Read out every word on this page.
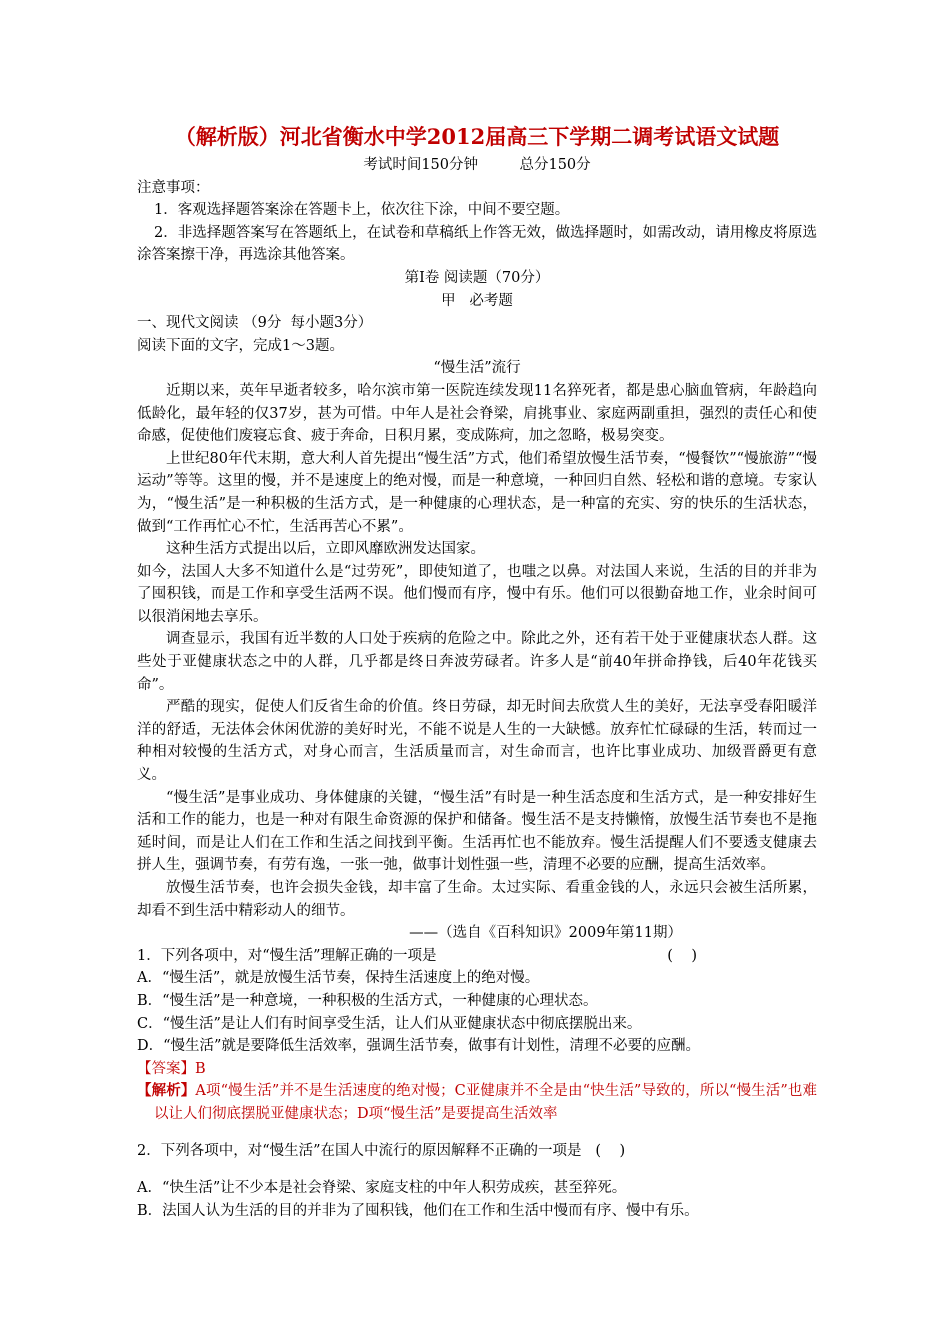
（解析版）河北省衡水中学2012届高三下学期二调考试语文试题

考试时间150分钟         总分150分

注意事项：

1．客观选择题答案涂在答题卡上，依次往下涂，中间不要空题。

2．非选择题答案写在答题纸上，在试卷和草稿纸上作答无效，做选择题时，如需改动，请用橡皮将原选涂答案擦干净，再选涂其他答案。

第Ⅰ卷 阅读题（70分）

甲   必考题

一、现代文阅读 （9分  每小题3分）

阅读下面的文字，完成1～3题。

“慢生活”流行

近期以来，英年早逝者较多，哈尔滨市第一医院连续发现11名猝死者，都是患心脑血管病，年龄趋向低龄化，最年轻的仅37岁，甚为可惜。中年人是社会脊梁，肩挑事业、家庭两副重担，强烈的责任心和使命感，促使他们废寝忘食、疲于奔命，日积月累，变成陈疴，加之忽略，极易突变。

上世纪80年代末期，意大利人首先提出“慢生活”方式，他们希望放慢生活节奏，“慢餐饮”“慢旅游”“慢运动”等等。这里的慢，并不是速度上的绝对慢，而是一种意境，一种回归自然、轻松和谐的意境。专家认为，“慢生活”是一种积极的生活方式，是一种健康的心理状态，是一种富的充实、穷的快乐的生活状态，做到“工作再忙心不忙，生活再苦心不累”。

这种生活方式提出以后，立即风靡欧洲发达国家。

如今，法国人大多不知道什么是“过劳死”，即使知道了，也嗤之以鼻。对法国人来说，生活的目的并非为了囤积钱，而是工作和享受生活两不误。他们慢而有序，慢中有乐。他们可以很勤奋地工作，业余时间可以很消闲地去享乐。

调查显示，我国有近半数的人口处于疾病的危险之中。除此之外，还有若干处于亚健康状态人群。这些处于亚健康状态之中的人群，几乎都是终日奔波劳碌者。许多人是“前40年拼命挣钱，后40年花钱买命”。

严酷的现实，促使人们反省生命的价值。终日劳碌，却无时间去欣赏人生的美好，无法享受春阳暖洋洋的舒适，无法体会休闲优游的美好时光，不能不说是人生的一大缺憾。放弃忙忙碌碌的生活，转而过一种相对较慢的生活方式，对身心而言，生活质量而言，对生命而言，也许比事业成功、加级晋爵更有意义。

“慢生活”是事业成功、身体健康的关键，“慢生活”有时是一种生活态度和生活方式，是一种安排好生活和工作的能力，也是一种对有限生命资源的保护和储备。慢生活不是支持懒惰，放慢生活节奏也不是拖延时间，而是让人们在工作和生活之间找到平衡。生活再忙也不能放弃。慢生活提醒人们不要透支健康去拼人生，强调节奏，有劳有逸，一张一弛，做事计划性强一些，清理不必要的应酬，提高生活效率。

放慢生活节奏，也许会损失金钱，却丰富了生命。太过实际、看重金钱的人，永远只会被生活所累，却看不到生活中精彩动人的细节。

——（选自《百科知识》2009年第11期）

1．下列各项中，对“慢生活”理解正确的一项是	(    )

A．“慢生活”，就是放慢生活节奏，保持生活速度上的绝对慢。

B．“慢生活”是一种意境，一种积极的生活方式，一种健康的心理状态。

C．“慢生活”是让人们有时间享受生活，让人们从亚健康状态中彻底摆脱出来。

D．“慢生活”就是要降低生活效率，强调生活节奏，做事有计划性，清理不必要的应酬。

【答案】B

【解析】A项“慢生活”并不是生活速度的绝对慢；C亚健康并不全是由“快生活”导致的，所以“慢生活”也难以让人们彻底摆脱亚健康状态；D项“慢生活”是要提高生活效率

2．下列各项中，对“慢生活”在国人中流行的原因解释不正确的一项是   (    )

A．“快生活”让不少本是社会脊梁、家庭支柱的中年人积劳成疾，甚至猝死。

B．法国人认为生活的目的并非为了囤积钱，他们在工作和生活中慢而有序、慢中有乐。
